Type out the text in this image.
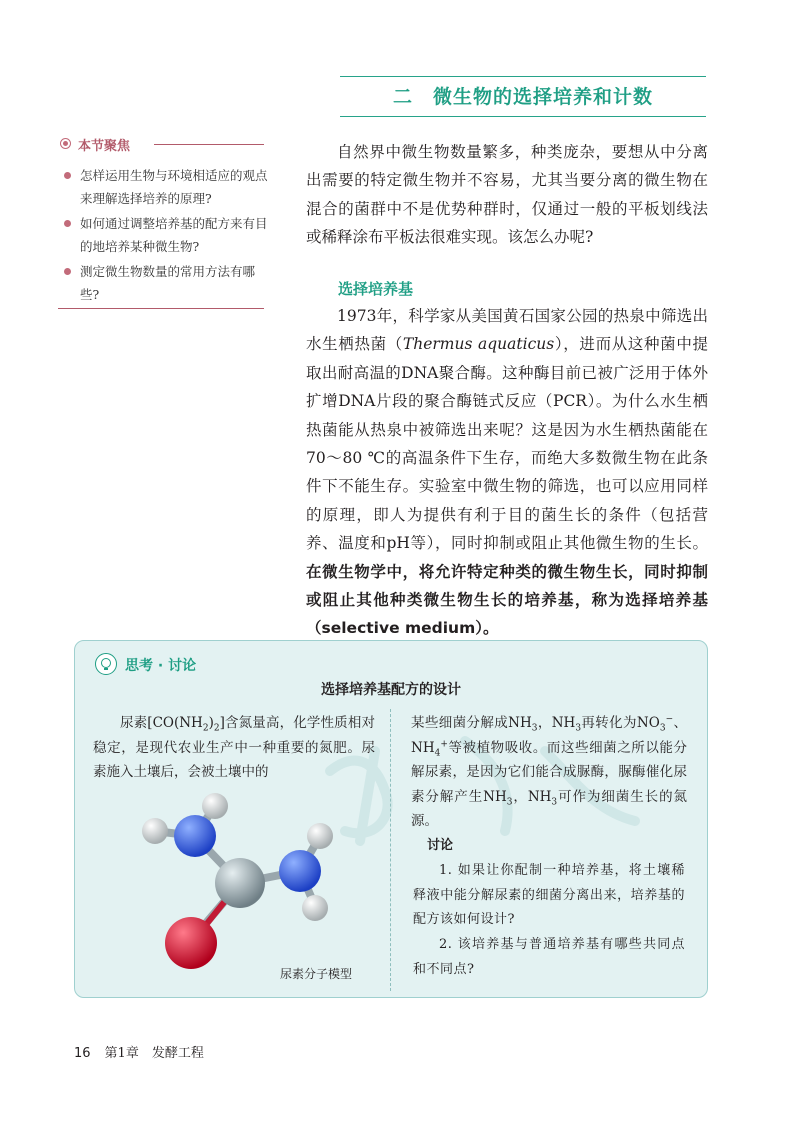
二　微生物的选择培养和计数
本节聚焦
怎样运用生物与环境相适应的观点来理解选择培养的原理?
如何通过调整培养基的配方来有目的地培养某种微生物?
测定微生物数量的常用方法有哪些?

自然界中微生物数量繁多，种类庞杂，要想从中分离出需要的特定微生物并不容易，尤其当要分离的微生物在混合的菌群中不是优势种群时，仅通过一般的平板划线法或稀释涂布平板法很难实现。该怎么办呢?

选择培养基

1973年，科学家从美国黄石国家公园的热泉中筛选出水生栖热菌（Thermus aquaticus），进而从这种菌中提取出耐高温的DNA聚合酶。这种酶目前已被广泛用于体外扩增DNA片段的聚合酶链式反应（PCR）。为什么水生栖热菌能从热泉中被筛选出来呢？这是因为水生栖热菌能在70～80 ℃的高温条件下生存，而绝大多数微生物在此条件下不能生存。实验室中微生物的筛选，也可以应用同样的原理，即人为提供有利于目的菌生长的条件（包括营养、温度和pH等），同时抑制或阻止其他微生物的生长。在微生物学中，将允许特定种类的微生物生长，同时抑制或阻止其他种类微生物生长的培养基，称为选择培养基（selective medium）。

思考 · 讨论
选择培养基配方的设计

尿素$[CO(NH_2)_2]$含氮量高，化学性质相对稳定，是现代农业生产中一种重要的氮肥。尿素施入土壤后，会被土壤中的

尿素分子模型

某些细菌分解成$NH_3$，$NH_3$再转化为$NO_3^-$、$NH_4^+$等被植物吸收。而这些细菌之所以能分解尿素，是因为它们能合成脲酶，脲酶催化尿素分解产生$NH_3$，$NH_3$可作为细菌生长的氮源。

讨论

1. 如果让你配制一种培养基，将土壤稀释液中能分解尿素的细菌分离出来，培养基的配方该如何设计?

2. 该培养基与普通培养基有哪些共同点和不同点?

16 第1章　发酵工程
